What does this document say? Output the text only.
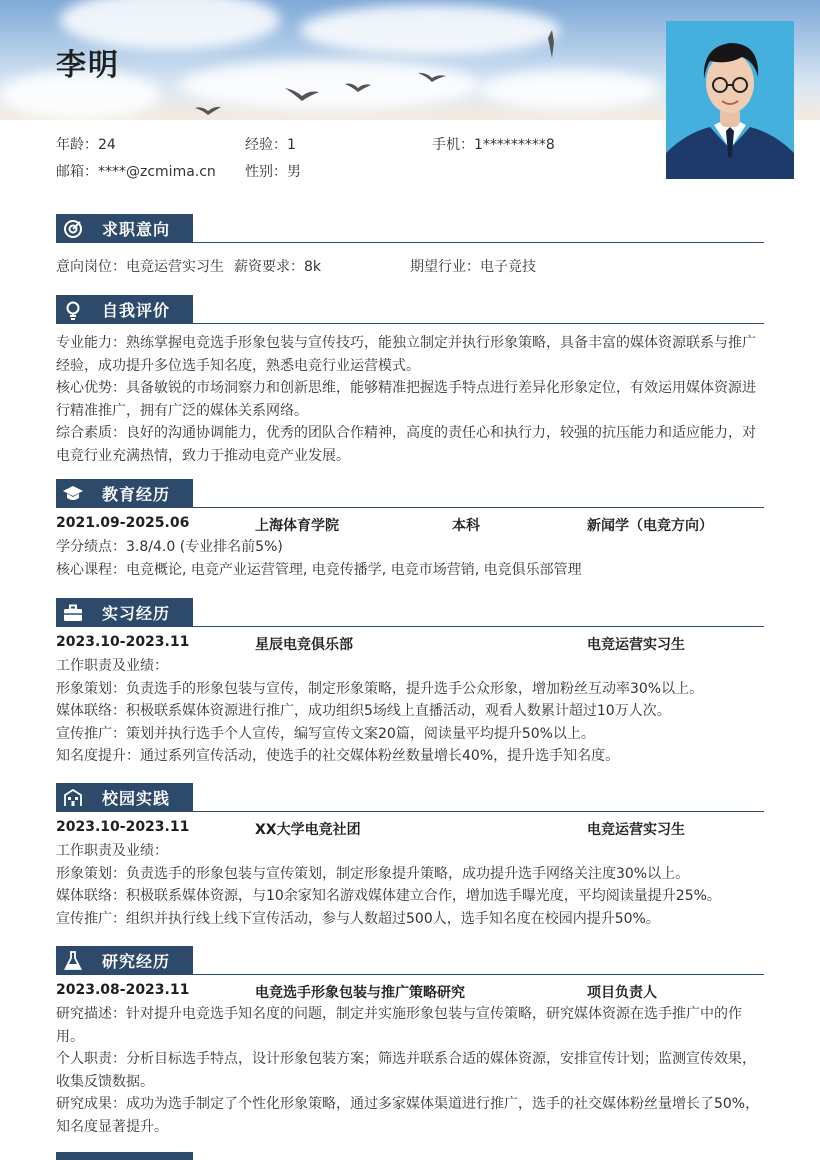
李明
年龄：24	经验：1	手机：1*********8
邮箱：****@zcmima.cn	性别：男
求职意向
意向岗位：电竞运营实习生 薪资要求：8k	期望行业：电子竞技
自我评价
专业能力：熟练掌握电竞选手形象包装与宣传技巧，能独立制定并执行形象策略，具备丰富的媒体资源联系与推广
经验，成功提升多位选手知名度，熟悉电竞行业运营模式。
核心优势：具备敏锐的市场洞察力和创新思维，能够精准把握选手特点进行差异化形象定位，有效运用媒体资源进
行精准推广，拥有广泛的媒体关系网络。
综合素质：良好的沟通协调能力，优秀的团队合作精神，高度的责任心和执行力，较强的抗压能力和适应能力，对
电竞行业充满热情，致力于推动电竞产业发展。
教育经历
2021.09-2025.06	上海体育学院	本科	新闻学（电竞方向）
学分绩点：3.8/4.0 (专业排名前5%)
核心课程：电竞概论, 电竞产业运营管理, 电竞传播学, 电竞市场营销, 电竞俱乐部管理
实习经历
2023.10-2023.11	星辰电竞俱乐部	电竞运营实习生
工作职责及业绩：
形象策划：负责选手的形象包装与宣传，制定形象策略，提升选手公众形象，增加粉丝互动率30%以上。
媒体联络：积极联系媒体资源进行推广，成功组织5场线上直播活动，观看人数累计超过10万人次。
宣传推广：策划并执行选手个人宣传，编写宣传文案20篇，阅读量平均提升50%以上。
知名度提升：通过系列宣传活动，使选手的社交媒体粉丝数量增长40%，提升选手知名度。
校园实践
2023.10-2023.11	XX大学电竞社团	电竞运营实习生
工作职责及业绩：
形象策划：负责选手的形象包装与宣传策划，制定形象提升策略，成功提升选手网络关注度30%以上。
媒体联络：积极联系媒体资源，与10余家知名游戏媒体建立合作，增加选手曝光度，平均阅读量提升25%。
宣传推广：组织并执行线上线下宣传活动，参与人数超过500人，选手知名度在校园内提升50%。
研究经历
2023.08-2023.11	电竞选手形象包装与推广策略研究	项目负责人
研究描述：针对提升电竞选手知名度的问题，制定并实施形象包装与宣传策略，研究媒体资源在选手推广中的作
用。
个人职责：分析目标选手特点，设计形象包装方案；筛选并联系合适的媒体资源，安排宣传计划；监测宣传效果，
收集反馈数据。
研究成果：成功为选手制定了个性化形象策略，通过多家媒体渠道进行推广，选手的社交媒体粉丝量增长了50%，
知名度显著提升。
